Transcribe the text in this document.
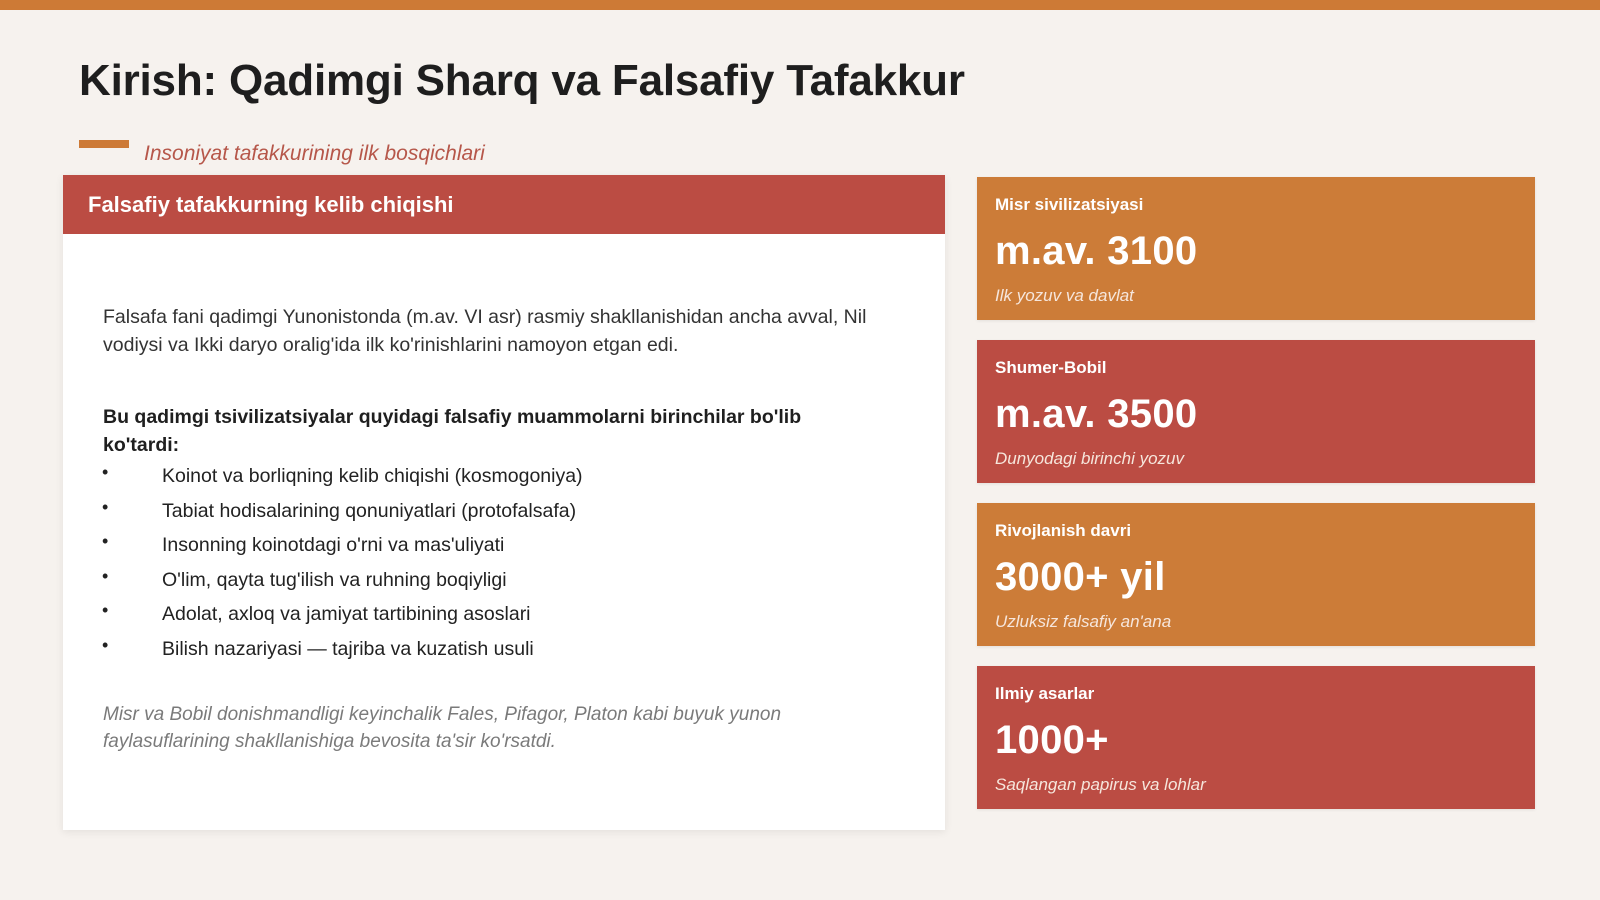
Kirish: Qadimgi Sharq va Falsafiy Tafakkur
Insoniyat tafakkurining ilk bosqichlari
Falsafiy tafakkurning kelib chiqishi

Falsafa fani qadimgi Yunonistonda (m.av. VI asr) rasmiy shakllanishidan ancha avval, Nil vodiysi va Ikki daryo oralig'ida ilk ko'rinishlarini namoyon etgan edi.

Bu qadimgi tsivilizatsiyalar quyidagi falsafiy muammolarni birinchilar bo'lib ko'tardi:

•	Koinot va borliqning kelib chiqishi (kosmogoniya)
•	Tabiat hodisalarining qonuniyatlari (protofalsafa)
•	Insonning koinotdagi o'rni va mas'uliyati
•	O'lim, qayta tug'ilish va ruhning boqiyligi
•	Adolat, axloq va jamiyat tartibining asoslari
•	Bilish nazariyasi — tajriba va kuzatish usuli

Misr va Bobil donishmandligi keyinchalik Fales, Pifagor, Platon kabi buyuk yunon faylasuflarining shakllanishiga bevosita ta'sir ko'rsatdi.

Misr sivilizatsiyasi
m.av. 3100
Ilk yozuv va davlat
Shumer-Bobil
m.av. 3500
Dunyodagi birinchi yozuv
Rivojlanish davri
3000+ yil
Uzluksiz falsafiy an'ana
Ilmiy asarlar
1000+
Saqlangan papirus va lohlar
